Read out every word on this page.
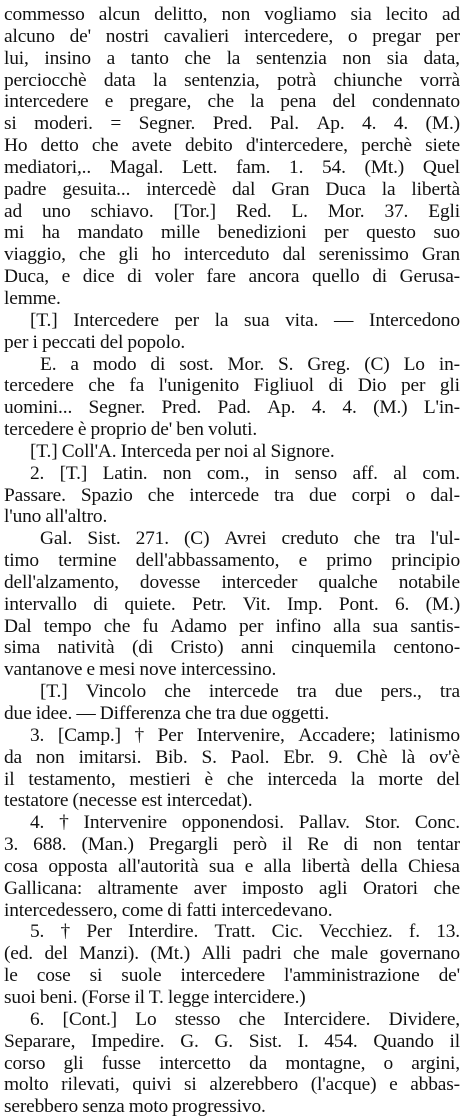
commesso alcun delitto, non vogliamo sia lecito ad
alcuno de' nostri cavalieri intercedere, o pregar per
lui, insino a tanto che la sentenzia non sia data,
perciocchè data la sentenzia, potrà chiunche vorrà
intercedere e pregare, che la pena del condennato
si moderi. = Segner. Pred. Pal. Ap. 4. 4. (M.)
Ho detto che avete debito d'intercedere, perchè siete
mediatori,.. Magal. Lett. fam. 1. 54. (Mt.) Quel
padre gesuita... intercedè dal Gran Duca la libertà
ad uno schiavo. [Tor.] Red. L. Mor. 37. Egli
mi ha mandato mille benedizioni per questo suo
viaggio, che gli ho interceduto dal serenissimo Gran
Duca, e dice di voler fare ancora quello di Gerusa-
lemme.
[T.] Intercedere per la sua vita. — Intercedono
per i peccati del popolo.
E. a modo di sost. Mor. S. Greg. (C) Lo in-
tercedere che fa l'unigenito Figliuol di Dio per gli
uomini... Segner. Pred. Pad. Ap. 4. 4. (M.) L'in-
tercedere è proprio de' ben voluti.
[T.] Coll'A. Interceda per noi al Signore.
2. [T.] Latin. non com., in senso aff. al com.
Passare. Spazio che intercede tra due corpi o dal-
l'uno all'altro.
Gal. Sist. 271. (C) Avrei creduto che tra l'ul-
timo termine dell'abbassamento, e primo principio
dell'alzamento, dovesse interceder qualche notabile
intervallo di quiete. Petr. Vit. Imp. Pont. 6. (M.)
Dal tempo che fu Adamo per infino alla sua santis-
sima natività (di Cristo) anni cinquemila centono-
vantanove e mesi nove intercessino.
[T.] Vincolo che intercede tra due pers., tra
due idee. — Differenza che tra due oggetti.
3. [Camp.] † Per Intervenire, Accadere; latinismo
da non imitarsi. Bib. S. Paol. Ebr. 9. Chè là ov'è
il testamento, mestieri è che interceda la morte del
testatore (necesse est intercedat).
4. † Intervenire opponendosi. Pallav. Stor. Conc.
3. 688. (Man.) Pregargli però il Re di non tentar
cosa opposta all'autorità sua e alla libertà della Chiesa
Gallicana: altramente aver imposto agli Oratori che
intercedessero, come di fatti intercedevano.
5. † Per Interdire. Tratt. Cic. Vecchiez. f. 13.
(ed. del Manzi). (Mt.) Alli padri che male governano
le cose si suole intercedere l'amministrazione de'
suoi beni. (Forse il T. legge intercidere.)
6. [Cont.] Lo stesso che Intercidere. Dividere,
Separare, Impedire. G. G. Sist. I. 454. Quando il
corso gli fusse intercetto da montagne, o argini,
molto rilevati, quivi si alzerebbero (l'acque) e abbas-
serebbero senza moto progressivo.
